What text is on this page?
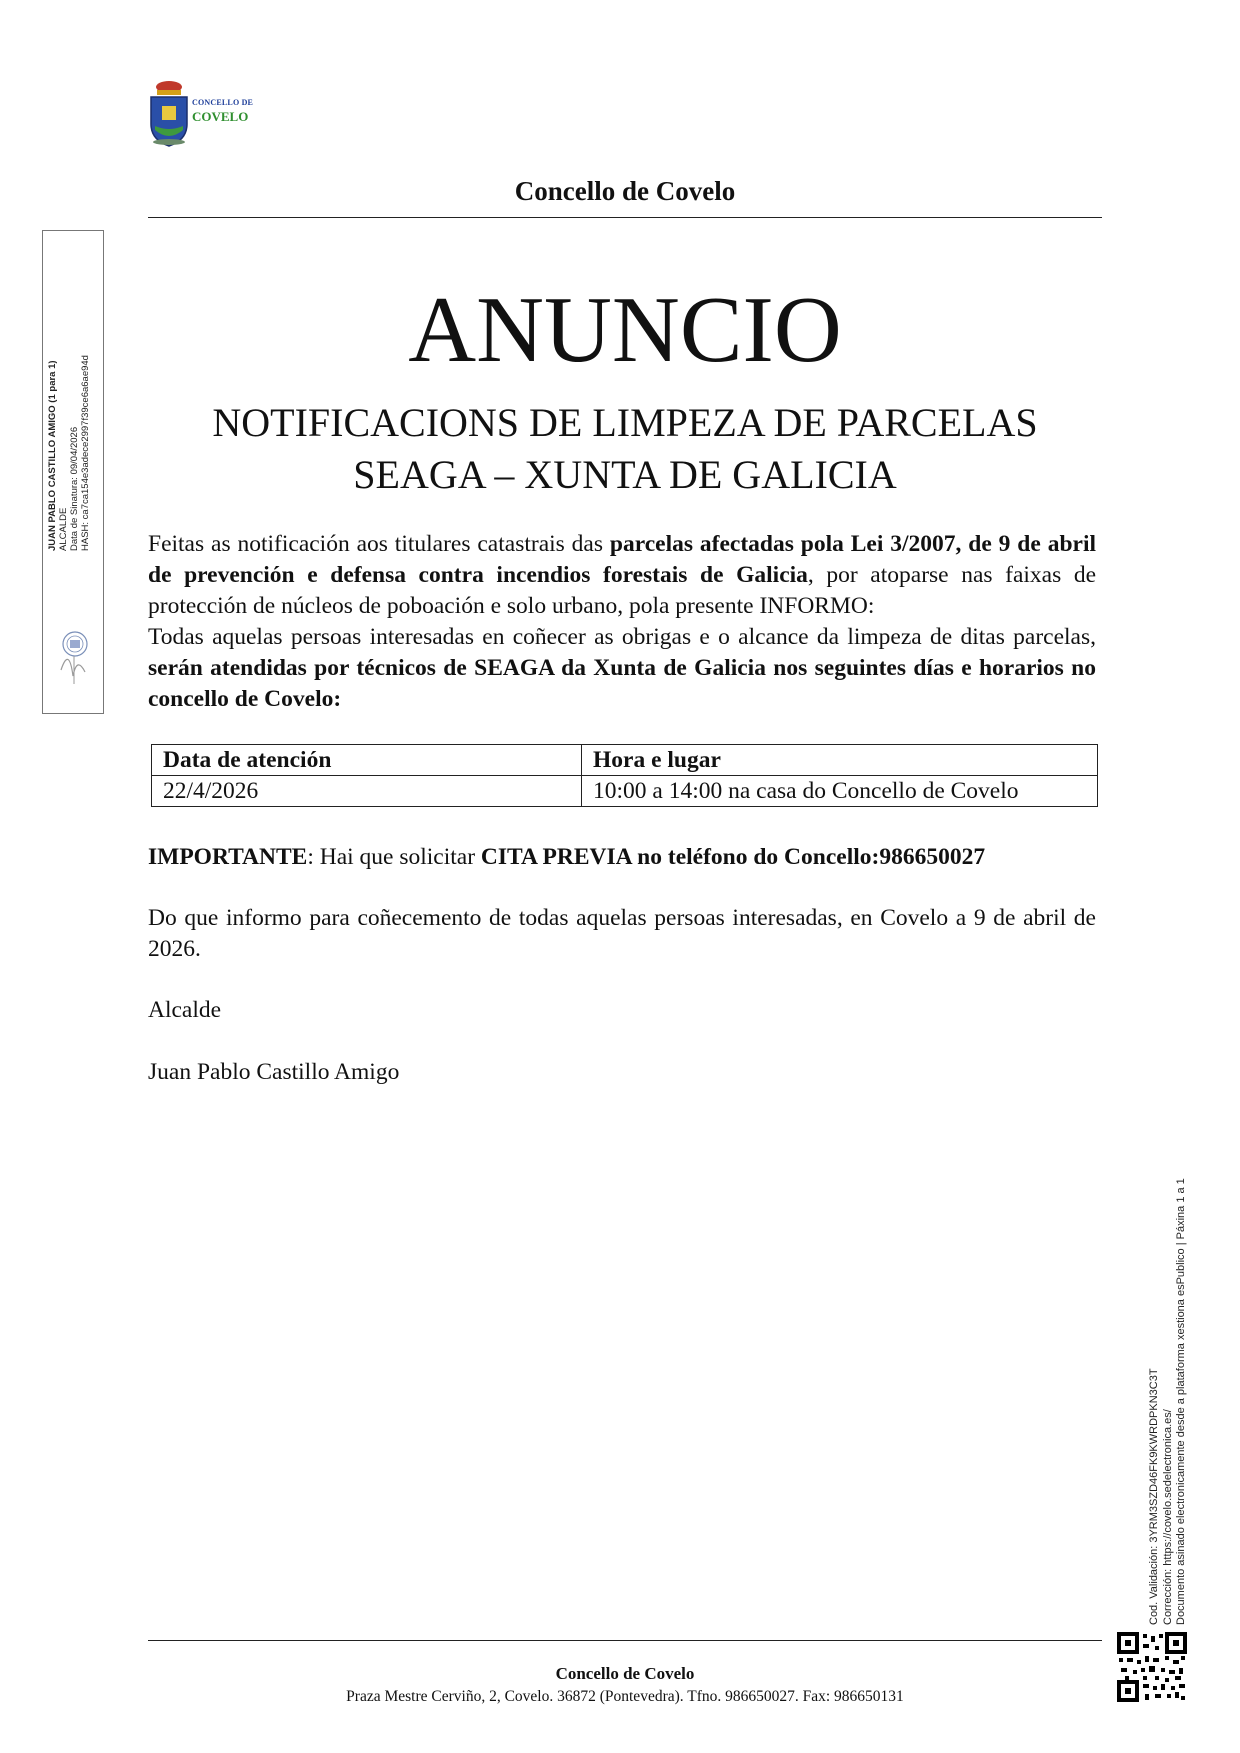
CONCELLO DE
COVELO
Concello de Covelo
ANUNCIO
NOTIFICACIONS DE LIMPEZA DE PARCELAS
SEAGA – XUNTA DE GALICIA
Feitas as notificación aos titulares catastrais das parcelas afectadas pola Lei 3/2007, de 9 de abril de prevención e defensa contra incendios forestais de Galicia, por atoparse nas faixas de protección de núcleos de poboación e solo urbano, pola presente INFORMO:
Todas aquelas persoas interesadas en coñecer as obrigas e o alcance da limpeza de ditas parcelas, serán atendidas por técnicos de SEAGA da Xunta de Galicia nos seguintes días e horarios no concello de Covelo:
Data de atención	Hora e lugar
22/4/2026	10:00 a 14:00 na casa do Concello de Covelo
IMPORTANTE: Hai que solicitar CITA PREVIA no teléfono do Concello:986650027
Do que informo para coñecemento de todas aquelas persoas interesadas, en Covelo a 9 de abril de 2026.
Alcalde
Juan Pablo Castillo Amigo
JUAN PABLO CASTILLO AMIGO (1 para 1) ALCALDE Data de Sinatura: 09/04/2026 HASH: ca7ca154e3adece2997f39ce6a6ae94d
Cod. Validación: 3YRM3SZD46FK9KWRDPKN3C3T Corrección: https://covelo.sedelectronica.es/ Documento asinado electronicamente desde a plataforma xestiona esPublico | Páxina 1 a 1
Concello de Covelo
Praza Mestre Cerviño, 2, Covelo. 36872 (Pontevedra). Tfno. 986650027. Fax: 986650131
